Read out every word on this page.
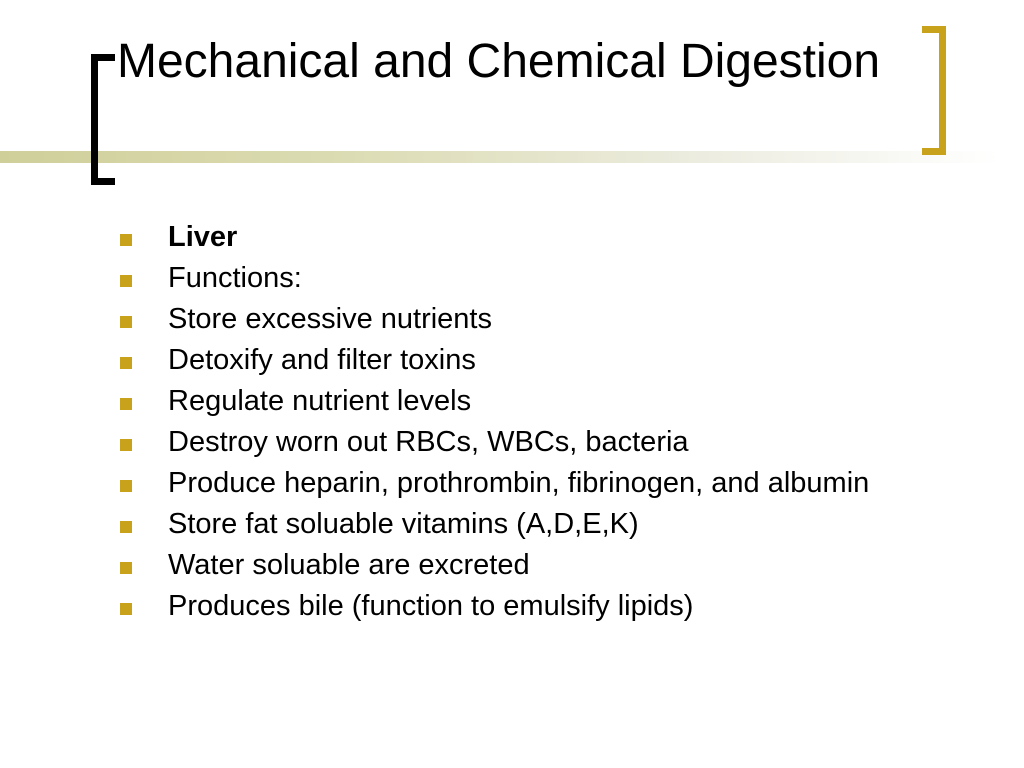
Mechanical and Chemical Digestion
Liver
Functions:
Store excessive nutrients
Detoxify and filter toxins
Regulate nutrient levels
Destroy worn out RBCs, WBCs, bacteria
Produce heparin, prothrombin, fibrinogen, and albumin
Store fat soluable vitamins (A,D,E,K)
Water soluable are excreted
Produces bile (function to emulsify lipids)
